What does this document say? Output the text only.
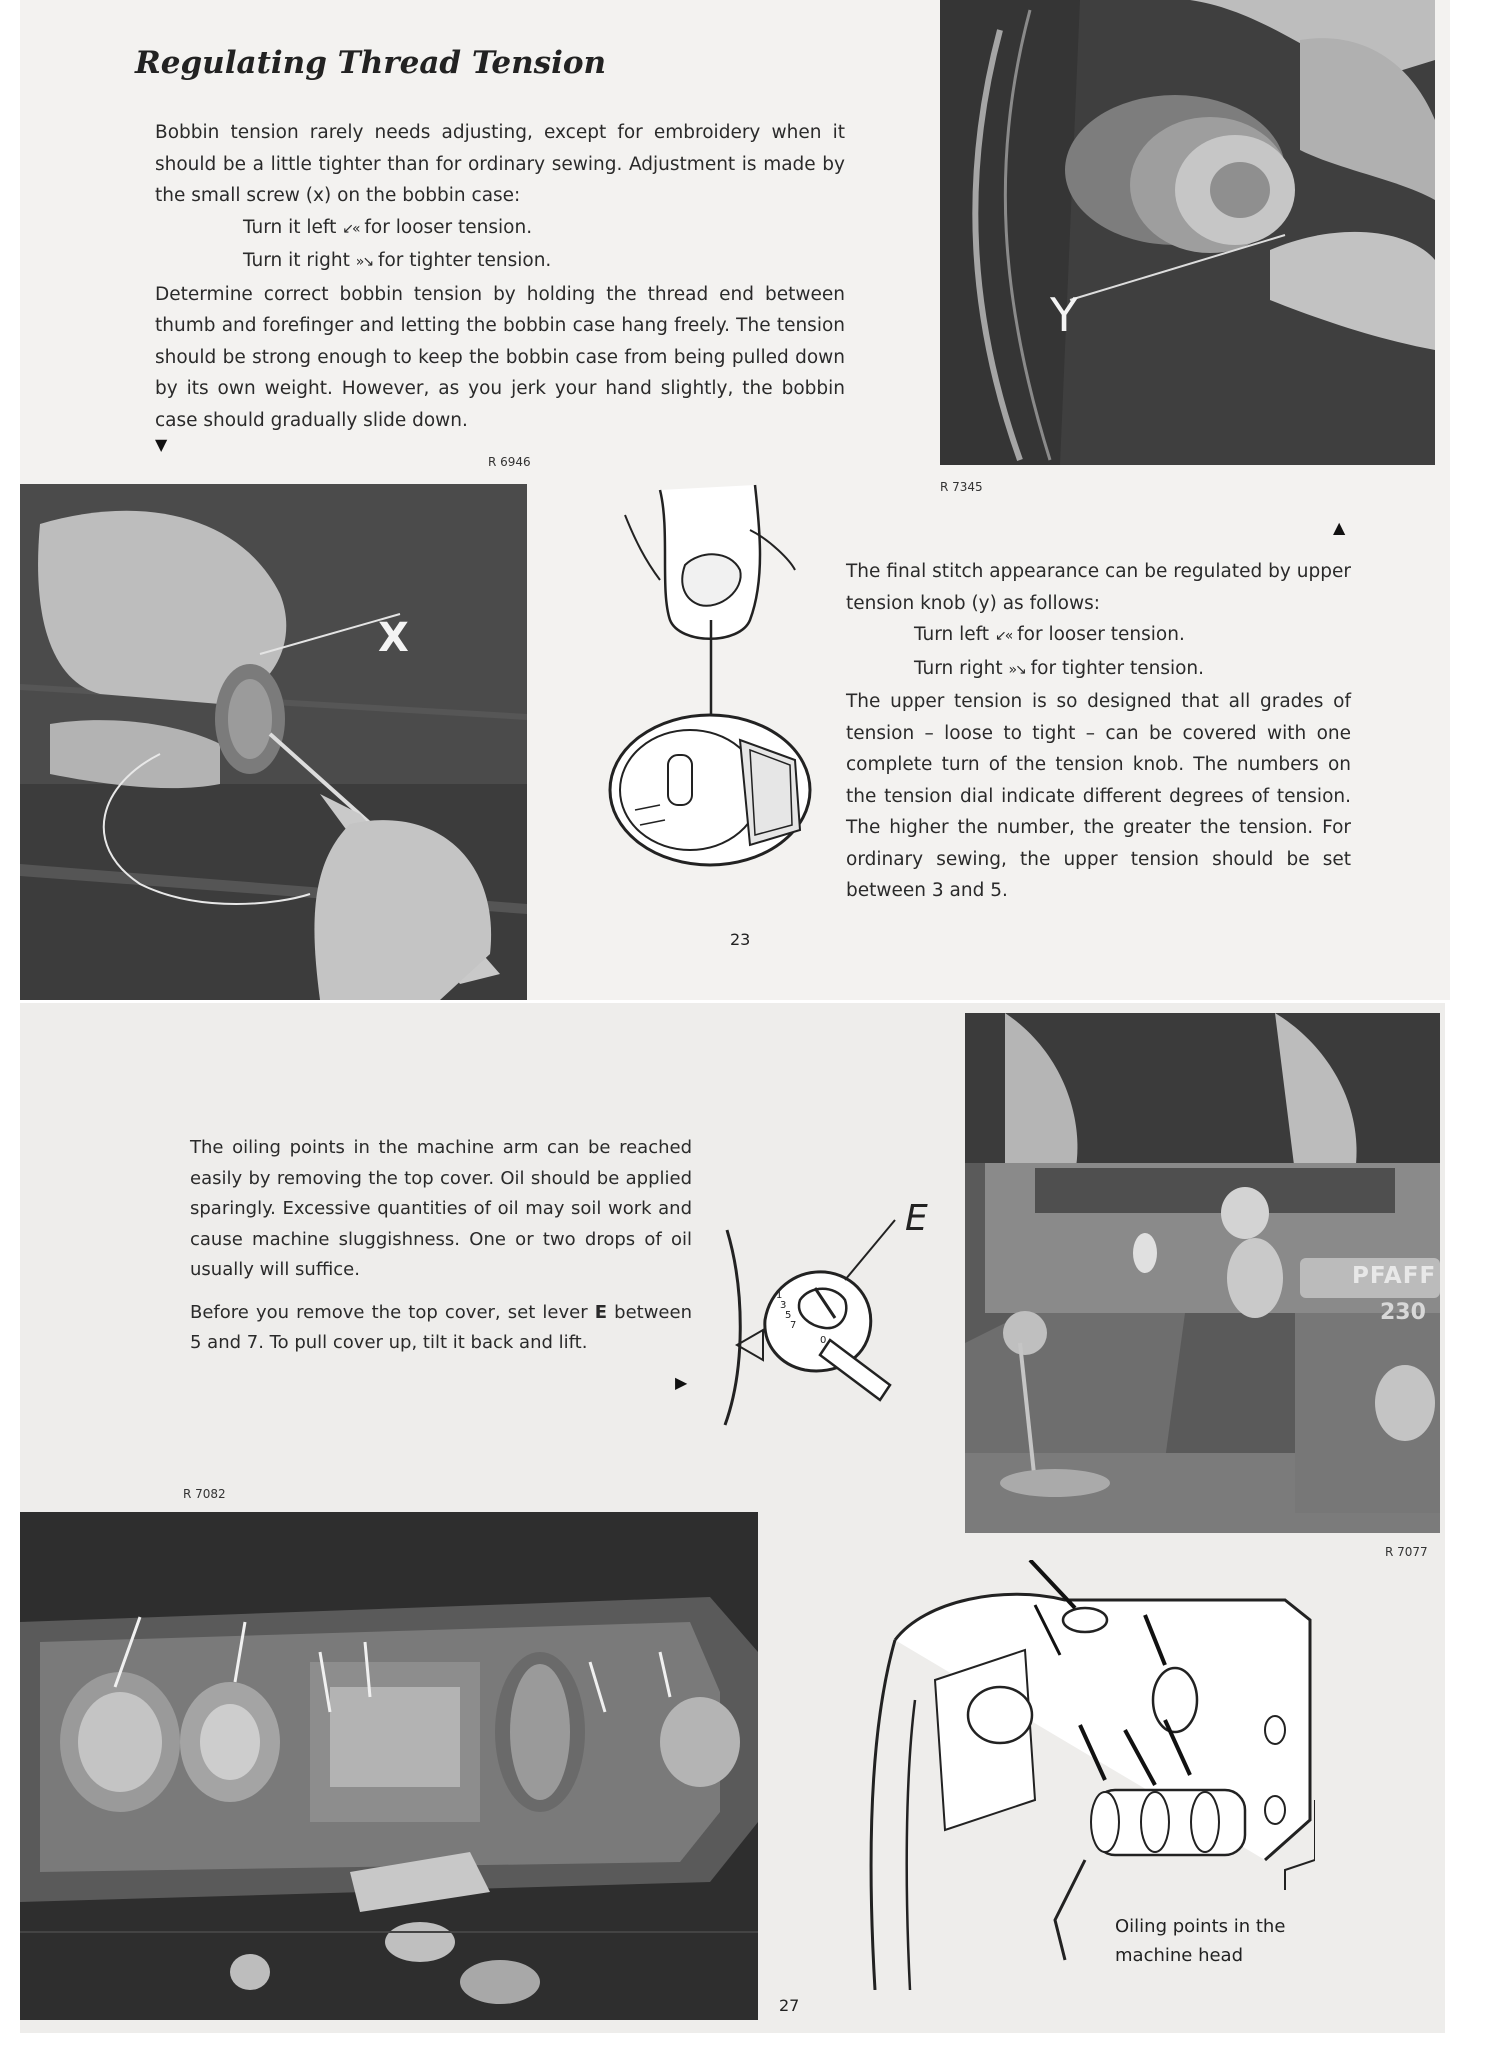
Regulating Thread Tension

Bobbin tension rarely needs adjusting, except for embroidery when it should be a little tighter than for ordinary sewing. Adjustment is made by the small screw (x) on the bobbin case:

Turn it left ↙« for looser tension.

Turn it right »↘ for tighter tension.

Determine correct bobbin tension by holding the thread end between thumb and forefinger and letting the bobbin case hang freely. The tension should be strong enough to keep the bobbin case from being pulled down by its own weight. However, as you jerk your hand slightly, the bobbin case should gradually slide down.

▼
R 6946
X
23
Y
R 7345
▲

The final stitch appearance can be regulated by upper tension knob (y) as follows:

Turn left ↙« for looser tension.

Turn right »↘ for tighter tension.

The upper tension is so designed that all grades of tension – loose to tight – can be covered with one complete turn of the tension knob. The numbers on the tension dial indicate different degrees of tension. The higher the number, the greater the tension. For ordinary sewing, the upper tension should be set between 3 and 5.

The oiling points in the machine arm can be reached easily by removing the top cover. Oil should be applied sparingly. Excessive quantities of oil may soil work and cause machine sluggishness. One or two drops of oil usually will suffice.

Before you remove the top cover, set lever E between 5 and 7. To pull cover up, tilt it back and lift.

▶
1
3
5
7
0
E
PFAFF
230
R 7077
R 7082
27
Oiling points in the
machine head
